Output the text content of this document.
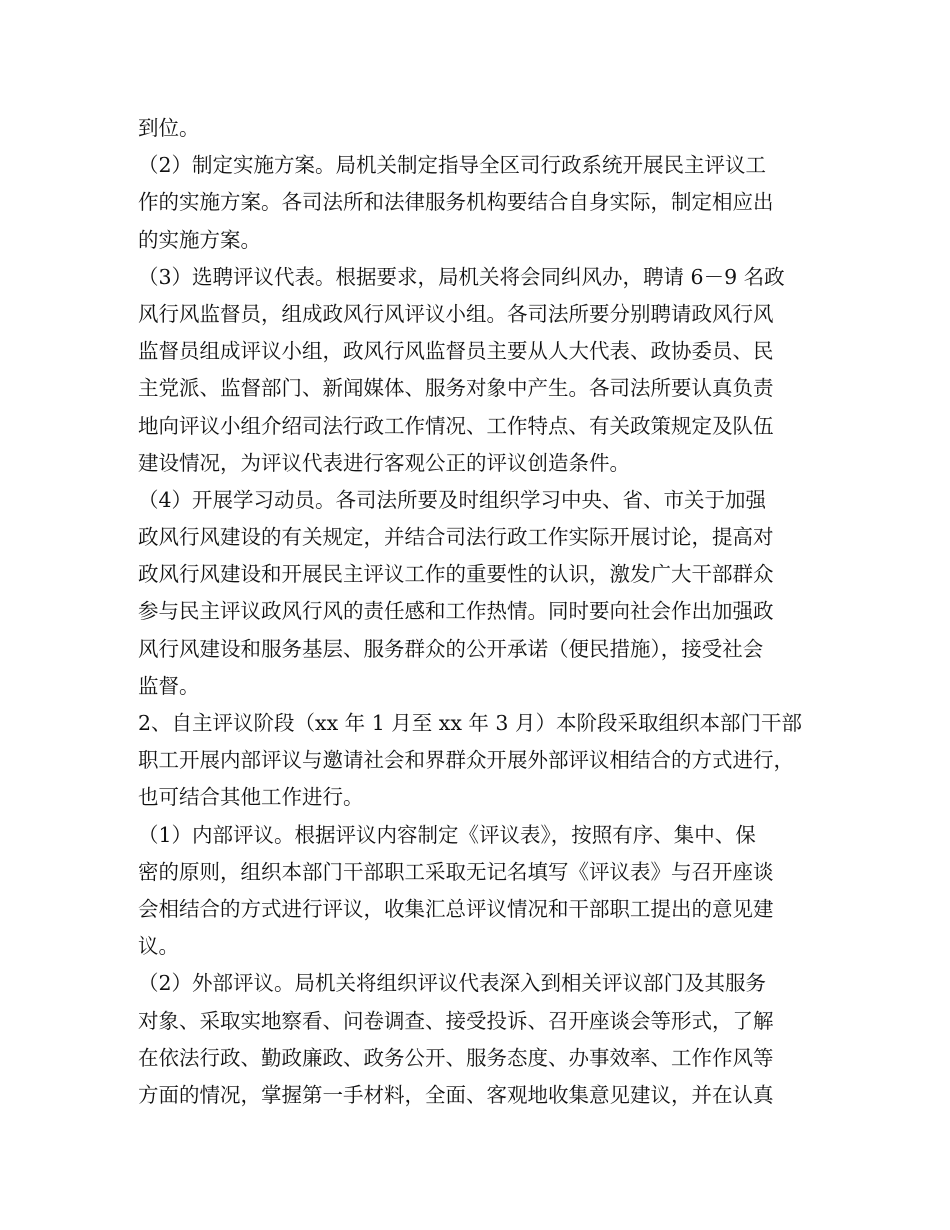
到位。
（2）制定实施方案。局机关制定指导全区司行政系统开展民主评议工
作的实施方案。各司法所和法律服务机构要结合自身实际，制定相应出
的实施方案。
（3）选聘评议代表。根据要求，局机关将会同纠风办，聘请 6－9 名政
风行风监督员，组成政风行风评议小组。各司法所要分别聘请政风行风
监督员组成评议小组，政风行风监督员主要从人大代表、政协委员、民
主党派、监督部门、新闻媒体、服务对象中产生。各司法所要认真负责
地向评议小组介绍司法行政工作情况、工作特点、有关政策规定及队伍
建设情况，为评议代表进行客观公正的评议创造条件。
（4）开展学习动员。各司法所要及时组织学习中央、省、市关于加强
政风行风建设的有关规定，并结合司法行政工作实际开展讨论，提高对
政风行风建设和开展民主评议工作的重要性的认识，激发广大干部群众
参与民主评议政风行风的责任感和工作热情。同时要向社会作出加强政
风行风建设和服务基层、服务群众的公开承诺（便民措施），接受社会
监督。
2、自主评议阶段（xx 年 1 月至 xx 年 3 月）本阶段采取组织本部门干部
职工开展内部评议与邀请社会和界群众开展外部评议相结合的方式进行，
也可结合其他工作进行。
（1）内部评议。根据评议内容制定《评议表》，按照有序、集中、保
密的原则，组织本部门干部职工采取无记名填写《评议表》与召开座谈
会相结合的方式进行评议，收集汇总评议情况和干部职工提出的意见建
议。
（2）外部评议。局机关将组织评议代表深入到相关评议部门及其服务
对象、采取实地察看、问卷调查、接受投诉、召开座谈会等形式，了解
在依法行政、勤政廉政、政务公开、服务态度、办事效率、工作作风等
方面的情况，掌握第一手材料，全面、客观地收集意见建议，并在认真
